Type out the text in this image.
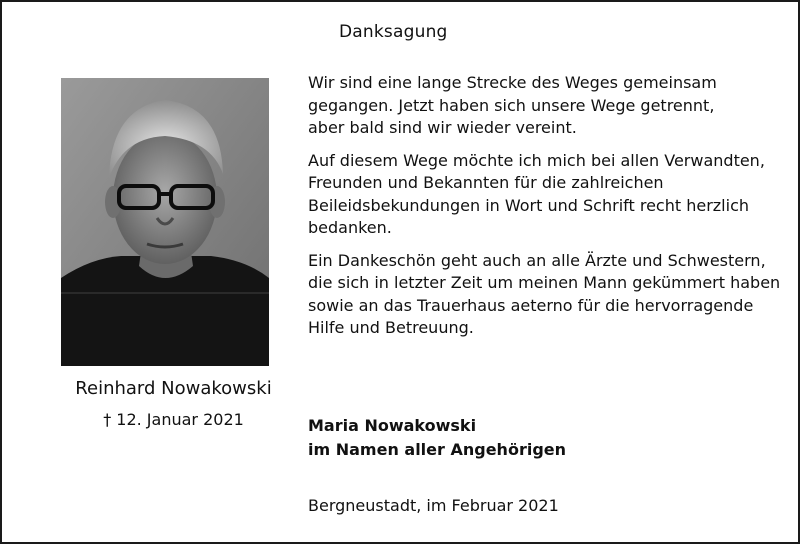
Danksagung
Reinhard Nowakowski
† 12. Januar 2021

Wir sind eine lange Strecke des Weges gemeinsam
gegangen. Jetzt haben sich unsere Wege getrennt,
aber bald sind wir wieder vereint.

Auf diesem Wege möchte ich mich bei allen Verwandten,
Freunden und Bekannten für die zahlreichen
Beileidsbekundungen in Wort und Schrift recht herzlich
bedanken.

Ein Dankeschön geht auch an alle Ärzte und Schwestern,
die sich in letzter Zeit um meinen Mann gekümmert haben
sowie an das Trauerhaus aeterno für die hervorragende
Hilfe und Betreuung.

Maria Nowakowski
im Namen aller Angehörigen
Bergneustadt, im Februar 2021
